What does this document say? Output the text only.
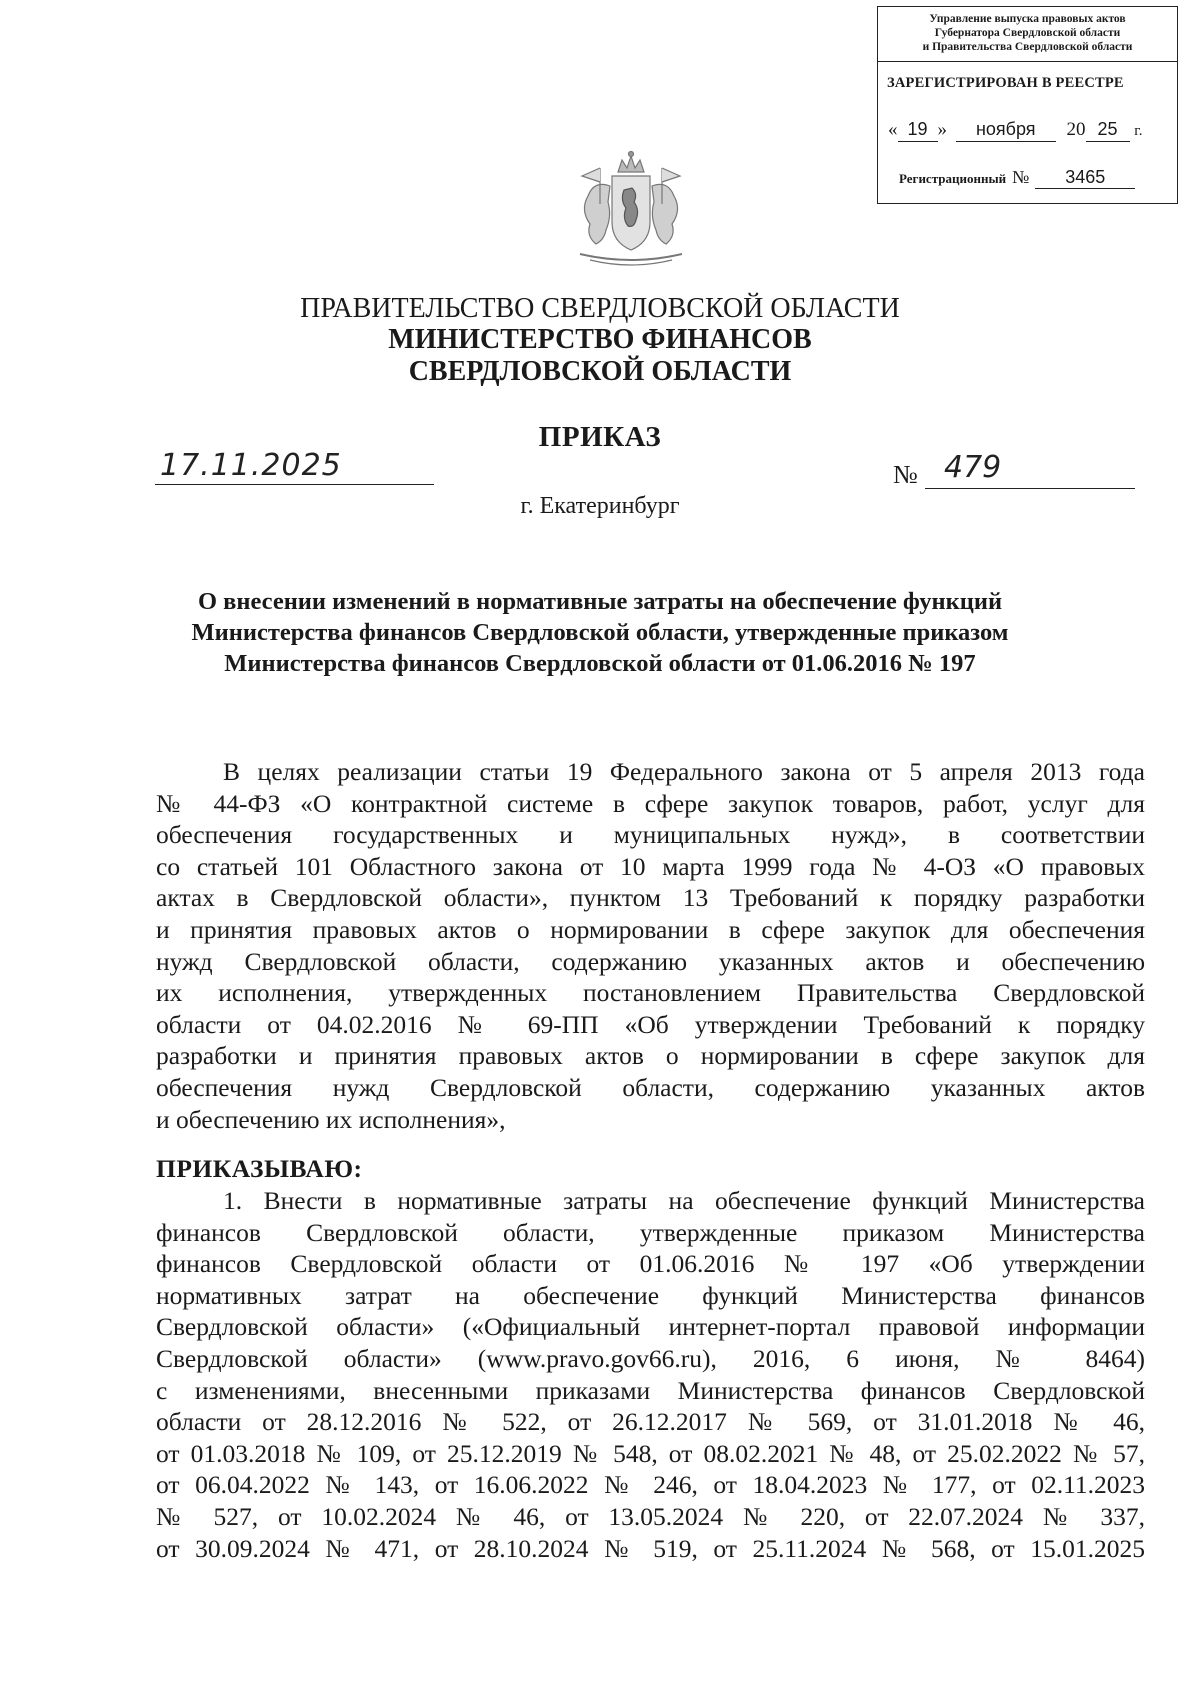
Управление выпуска правовых актов
Губернатора Свердловской области
и Правительства Свердловской области
ЗАРЕГИСТРИРОВАН В РЕЕСТРЕ
« 19 » ноября 20 25 г.
Регистрационный № 3465
ПРАВИТЕЛЬСТВО СВЕРДЛОВСКОЙ ОБЛАСТИ
МИНИСТЕРСТВО ФИНАНСОВ
СВЕРДЛОВСКОЙ ОБЛАСТИ
ПРИКАЗ
17.11.2025	№ 479
г. Екатеринбург
О внесении изменений в нормативные затраты на обеспечение функций
Министерства финансов Свердловской области, утвержденные приказом
Министерства финансов Свердловской области от 01.06.2016 № 197
В целях реализации статьи 19 Федерального закона от 5 апреля 2013 года
№ 44-ФЗ «О контрактной системе в сфере закупок товаров, работ, услуг для
обеспечения государственных и муниципальных нужд», в соответствии
со статьей 101 Областного закона от 10 марта 1999 года № 4-ОЗ «О правовых
актах в Свердловской области», пунктом 13 Требований к порядку разработки
и принятия правовых актов о нормировании в сфере закупок для обеспечения
нужд Свердловской области, содержанию указанных актов и обеспечению
их исполнения, утвержденных постановлением Правительства Свердловской
области от 04.02.2016 № 69-ПП «Об утверждении Требований к порядку
разработки и принятия правовых актов о нормировании в сфере закупок для
обеспечения нужд Свердловской области, содержанию указанных актов
и обеспечению их исполнения»,
ПРИКАЗЫВАЮ:
1. Внести в нормативные затраты на обеспечение функций Министерства
финансов Свердловской области, утвержденные приказом Министерства
финансов Свердловской области от 01.06.2016 № 197 «Об утверждении
нормативных затрат на обеспечение функций Министерства финансов
Свердловской области» («Официальный интернет-портал правовой информации
Свердловской области» (www.pravo.gov66.ru), 2016, 6 июня, № 8464)
с изменениями, внесенными приказами Министерства финансов Свердловской
области от 28.12.2016 № 522, от 26.12.2017 № 569, от 31.01.2018 № 46,
от 01.03.2018 № 109, от 25.12.2019 № 548, от 08.02.2021 № 48, от 25.02.2022 № 57,
от 06.04.2022 № 143, от 16.06.2022 № 246, от 18.04.2023 № 177, от 02.11.2023
№ 527, от 10.02.2024 № 46, от 13.05.2024 № 220, от 22.07.2024 № 337,
от 30.09.2024 № 471, от 28.10.2024 № 519, от 25.11.2024 № 568, от 15.01.2025
